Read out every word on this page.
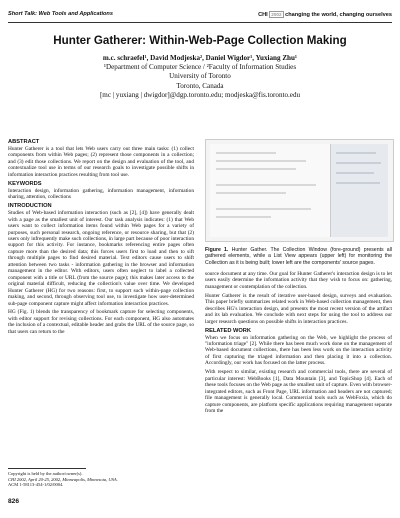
Short Talk: Web Tools and Applications	CHI 2002 changing the world, changing ourselves
Hunter Gatherer: Within-Web-Page Collection Making
m.c. schraefel¹, David Modjeska², Daniel Wigdor¹, Yuxiang Zhu¹
¹Department of Computer Science / ²Faculty of Information Studies
University of Toronto
Toronto, Canada
[mc | yuxiang | dwigdor]@dgp.toronto.edu; modjeska@fis.toronto.edu
ABSTRACT

Hunter Gatherer is a tool that lets Web users carry out three main tasks: (1) collect components from within Web pages; (2) represent those components in a collection; and (3) edit those collections. We report on the design and evaluation of the tool, and contextualize tool use in terms of our research goals to investigate possible shifts in information interaction practices resulting from tool use.

KEYWORDS

Interaction design, information gathering, information management, information sharing, attention, collections

INTRODUCTION

Studies of Web-based information interaction (such as [2], [4]) have generally dealt with a page as the smallest unit of interest. Our task analysis indicates: (1) that Web users want to collect information items found within Web pages for a variety of purposes, such personal research, ongoing reference, or resource sharing, but that (2) users only infrequently make such collections, in large part because of poor interaction support for this activity. For instance, bookmarks referencing entire pages often capture more than the desired data; this forces users first to load and then to sift through multiple pages to find desired material. Text editors cause users to shift attention between two tasks - information gathering in the browser and information management in the editor. With editors, users often neglect to label a collected component with a title or URL (from the source page); this makes later access to the original material difficult, reducing the collection's value over time. We developed Hunter Gatherer (HG) for two reasons: first, to support such within-page collection making, and second, through observing tool use, to investigate how user-determined sub-page component capture might affect information interaction practices.

HG (Fig. 1) blends the transparency of bookmark capture for selecting components, with editor support for revising collections. For each component, HG also automates the inclusion of a contextual, editable header and grabs the URL of the source page, so that users can return to the

Copyright is held by the author/owner(s).
CHI 2002, April 20-25, 2002, Minneapolis, Minnesota, USA.
ACM 1-58113-454-1/02/0004.
Figure 1. Hunter Gather. The Collection Window (fore-ground) presents all gathered elements, while a List View appears (upper left) for monitoring the Collection as it is being built; lower left are the components' source pages.

source document at any time. Our goal for Hunter Gatherer's interaction design is to let users easily determine the information activity that they wish to focus on: gathering, management or contemplation of the collection.

Hunter Gatherer is the result of iterative user-based design, surveys and evaluation. This paper briefly summarizes related work in Web-based collection management, then describes HG's interaction design, and presents the most recent version of the artifact and its lab evaluation. We conclude with next steps for using the tool to address our larger research questions on possible shifts in interaction practices.

RELATED WORK

When we focus on information gathering on the Web, we highlight the process of "information triage" [2]. While there has been much work done on the management of Web-based document collections, there has been less work on the interaction activity of first capturing the triaged information and then placing it into a collection. Accordingly, our work has focused on the latter process.

With respect to similar, existing research and commercial tools, there are several of particular interest: WebBooks [1], Data Mountain [3], and TopicShop [4]. Each of these tools focuses on the Web page as the smallest unit of capture. Even with browser-integrated editors, such as Front Page, URL information and headers are not captured; file management is generally local. Commercial tools such as WebFoxia, which do capture components, are platform specific applications requiring management separate from the

826
